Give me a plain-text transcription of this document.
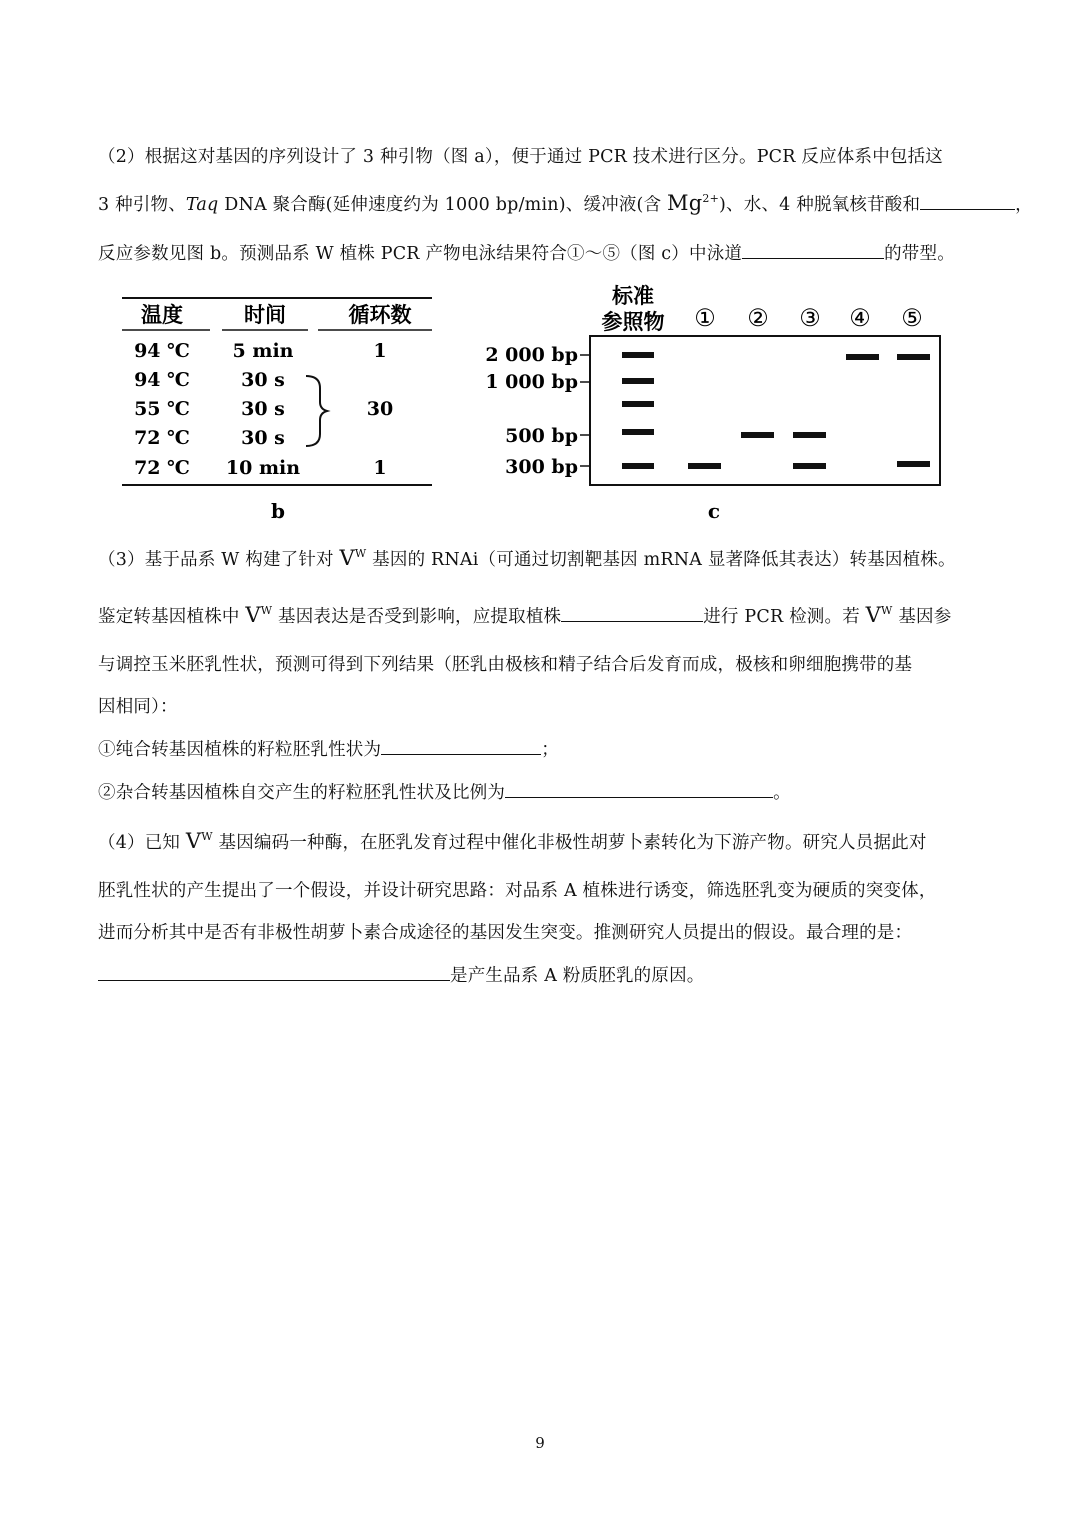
（2）根据这对基因的序列设计了 3 种引物（图 a），便于通过 PCR 技术进行区分。PCR 反应体系中包括这
3 种引物、Taq DNA 聚合酶(延伸速度约为 1000 bp/min)、缓冲液(含 $Mg^{2+}$)、水、4 种脱氧核苷酸和	，
反应参数见图 b。预测品系 W 植株 PCR 产物电泳结果符合①～⑤（图 c）中泳道	的带型。
温度	时间	循环数
94 ℃ 5 min	1
94 ℃	30 s
55 ℃	30 s	30
72 ℃	30 s
72 ℃ 10 min	1
b
标准
参照物 ① ② ③ ④ ⑤
2 000 bp
1 000 bp
500 bp
300 bp
c
（3）基于品系 W 构建了针对 $V^W$ 基因的 RNAi（可通过切割靶基因 mRNA 显著降低其表达）转基因植株。
鉴定转基因植株中 $V^W$ 基因表达是否受到影响，应提取植株	进行 PCR 检测。若 $V^W$ 基因参
与调控玉米胚乳性状，预测可得到下列结果（胚乳由极核和精子结合后发育而成，极核和卵细胞携带的基
因相同）：
①纯合转基因植株的籽粒胚乳性状为	；
②杂合转基因植株自交产生的籽粒胚乳性状及比例为	。
（4）已知 $V^W$ 基因编码一种酶，在胚乳发育过程中催化非极性胡萝卜素转化为下游产物。研究人员据此对
胚乳性状的产生提出了一个假设，并设计研究思路：对品系 A 植株进行诱变，筛选胚乳变为硬质的突变体，
进而分析其中是否有非极性胡萝卜素合成途径的基因发生突变。推测研究人员提出的假设。最合理的是：
是产生品系 A 粉质胚乳的原因。
9
